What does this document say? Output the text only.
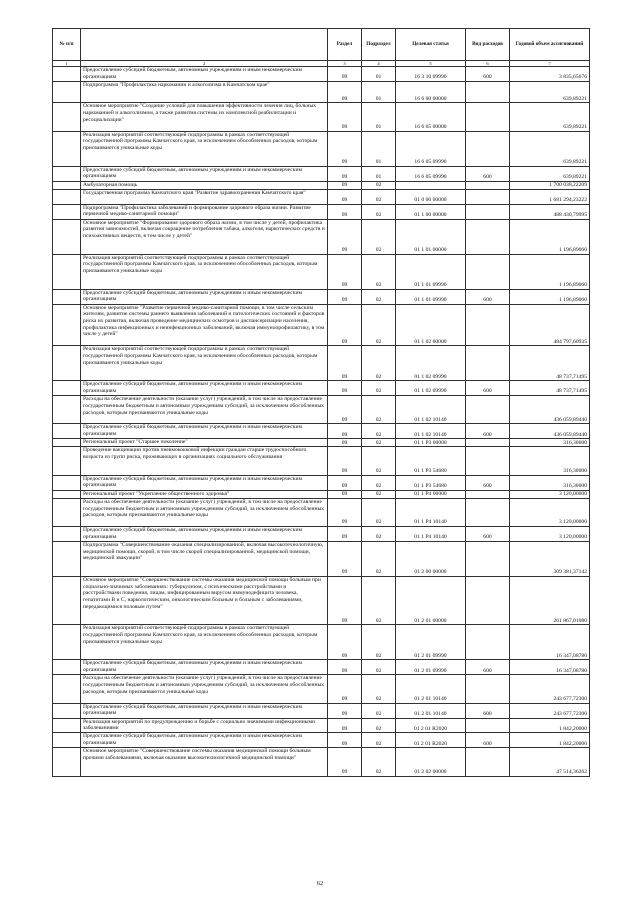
№ п/п		Раздел	Подраздел	Целевая статья	Вид расходов	Годовой объем ассигнований
1	2	3	4	5	6	7
	Предоставление субсидий бюджетным, автономным учреждениям и иным некоммерческим организациям	09	01	16 3 10 09990	600	3 835,65676
	Подпрограмма "Профилактика наркомании и алкоголизма в Камчатском крае"	09	01	16 6 00 00000		639,89221
	Основное мероприятие "Создание условий для повышения эффективности лечения лиц, больных наркоманией и алкоголизмом, а также развития системы их комплексной реабилитации и ресоциализации"	09	01	16 6 05 00000		639,89221
	Реализация мероприятий соответствующей подпрограммы в рамках соответствующей государственной программы Камчатского края, за исключением обособленных расходов, которым присваиваются уникальные коды	09	01	16 6 05 09990		639,89221
	Предоставление субсидий бюджетным, автономным учреждениям и иным некоммерческим организациям	09	01	16 6 05 09990	600	639,89221
	Амбулаторная помощь	09	02			1 700 038,22209
	Государственная программа Камчатского края "Развитие здравоохранения Камчатского края"	09	02	01 0 00 00000		1 681 294,23222
	Подпрограмма "Профилактика заболеваний и формирование здорового образа жизни. Развитие первичной медико-санитарной помощи"	09	02	01 1 00 00000		488 430,79995
	Основное мероприятие "Формирование здорового образа жизни, в том числе у детей, профилактика развития зависимостей, включая сокращение потребления табака, алкоголя, наркотических средств и психоактивных веществ, в том числе у детей"	09	02	01 1 01 00000		1 196,89060
	Реализация мероприятий соответствующей подпрограммы в рамках соответствующей государственной программы Камчатского края, за исключением обособленных расходов, которым присваиваются уникальные коды	09	02	01 1 01 09990		1 196,89060
	Предоставление субсидий бюджетным, автономным учреждениям и иным некоммерческим организациям	09	02	01 1 01 09990	600	1 196,89060
	Основное мероприятие "Развитие первичной медико-санитарной помощи, в том числе сельским жителям, развитие системы раннего выявления заболеваний и патологических состояний и факторов риска их развития, включая проведение медицинских осмотров и диспансеризации населения, профилактика инфекционных и неинфекционных заболеваний, включая иммунопрофилактику, в том числе у детей"	09	02	01 1 02 00000		484 797,60935
	Реализация мероприятий соответствующей подпрограммы в рамках соответствующей государственной программы Камчатского края, за исключением обособленных расходов, которым присваиваются уникальные коды	09	02	01 1 02 09990		48 737,71495
	Предоставление субсидий бюджетным, автономным учреждениям и иным некоммерческим организациям	09	02	01 1 02 09990	600	48 737,71495
	Расходы на обеспечение деятельности (оказание услуг) учреждений, в том числе на предоставление государственным бюджетным и автономным учреждениям субсидий, за исключением обособленных расходов, которым присваиваются уникальные коды	09	02	01 1 02 10140		436 059,89440
	Предоставление субсидий бюджетным, автономным учреждениям и иным некоммерческим организациям	09	02	01 1 02 10140	600	436 059,89440
	Региональный проект "Старшее поколение"	09	02	01 1 P3 00000		316,30000
	Проведение вакцинации против пневмококковой инфекции граждан старше трудоспособного возраста из групп риска, проживающих в организациях социального обслуживания	09	02	01 1 P3 54680		316,30000
	Предоставление субсидий бюджетным, автономным учреждениям и иным некоммерческим организациям	09	02	01 1 P3 54680	600	316,30000
	Региональный проект "Укрепление общественного здоровья"	09	02	01 1 P4 00000		3 120,00000
	Расходы на обеспечение деятельности (оказание услуг) учреждений, в том числе на предоставление государственным бюджетным и автономным учреждениям субсидий, за исключением обособленных расходов, которым присваиваются уникальные коды	09	02	01 1 P4 10140		3 120,00000
	Предоставление субсидий бюджетным, автономным учреждениям и иным некоммерческим организациям	09	02	01 1 P4 10140	600	3 120,00000
	Подпрограмма "Совершенствование оказания специализированной, включая высокотехнологичную, медицинской помощи, скорой, в том числе скорой специализированной, медицинской помощи, медицинской эвакуации"	09	02	01 2 00 00000		309 381,37142
	Основное мероприятие "Совершенствование системы оказания медицинской помощи больным при социально-значимых заболеваниях: туберкулезом, с психическими расстройствами и расстройствами поведения, лицам, инфицированным вирусом иммунодефицита человека, гепатитами B и C, наркологическим, онкологическим больным и больным с заболеваниями, передающимися половым путем"	09	02	01 2 01 00000		261 867,01080
	Реализация мероприятий соответствующей подпрограммы в рамках соответствующей государственной программы Камчатского края, за исключением обособленных расходов, которым присваиваются уникальные коды	09	02	01 2 01 09990		16 347,08780
	Предоставление субсидий бюджетным, автономным учреждениям и иным некоммерческим организациям	09	02	01 2 01 09990	600	16 347,08780
	Расходы на обеспечение деятельности (оказание услуг) учреждений, в том числе на предоставление государственным бюджетным и автономным учреждениям субсидий, за исключением обособленных расходов, которым присваиваются уникальные коды	09	02	01 2 01 10140		243 677,72300
	Предоставление субсидий бюджетным, автономным учреждениям и иным некоммерческим организациям	09	02	01 2 01 10140	600	243 677,72300
	Реализация мероприятий по предупреждению и борьбе с социально значимыми инфекционными заболеваниями	09	02	01 2 01 R2020		1 842,20000
	Предоставление субсидий бюджетным, автономным учреждениям и иным некоммерческим организациям	09	02	01 2 01 R2020	600	1 842,20000
	Основное мероприятие "Совершенствование системы оказания медицинской помощи больным прочими заболеваниями, включая оказание высокотехнологичной медицинской помощи"	09	02	01 2 02 00000		47 514,36262
62
